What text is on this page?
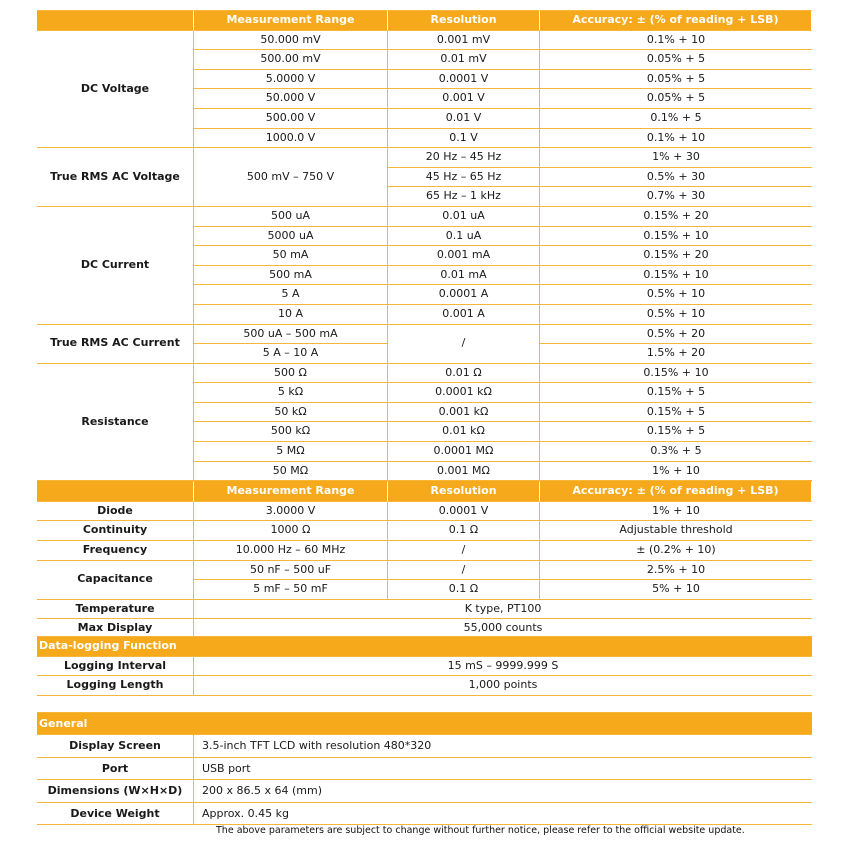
	Measurement Range	Resolution	Accuracy: ± (% of reading + LSB)
DC Voltage	50.000 mV	0.001 mV	0.1% + 10
	500.00 mV	0.01 mV	0.05% + 5
	5.0000 V	0.0001 V	0.05% + 5
	50.000 V	0.001 V	0.05% + 5
	500.00 V	0.01 V	0.1% + 5
	1000.0 V	0.1 V	0.1% + 10
True RMS AC Voltage	500 mV – 750 V	20 Hz – 45 Hz	1% + 30
		45 Hz – 65 Hz	0.5% + 30
		65 Hz – 1 kHz	0.7% + 30
DC Current	500 uA	0.01 uA	0.15% + 20
	5000 uA	0.1 uA	0.15% + 10
	50 mA	0.001 mA	0.15% + 20
	500 mA	0.01 mA	0.15% + 10
	5 A	0.0001 A	0.5% + 10
	10 A	0.001 A	0.5% + 10
True RMS AC Current	500 uA – 500 mA	/	0.5% + 20
	5 A – 10 A		1.5% + 20
Resistance	500 Ω	0.01 Ω	0.15% + 10
	5 kΩ	0.0001 kΩ	0.15% + 5
	50 kΩ	0.001 kΩ	0.15% + 5
	500 kΩ	0.01 kΩ	0.15% + 5
	5 MΩ	0.0001 MΩ	0.3% + 5
	50 MΩ	0.001 MΩ	1% + 10
	Measurement Range	Resolution	Accuracy: ± (% of reading + LSB)
Diode	3.0000 V	0.0001 V	1% + 10
Continuity	1000 Ω	0.1 Ω	Adjustable threshold
Frequency	10.000 Hz – 60 MHz	/	± (0.2% + 10)
Capacitance	50 nF – 500 uF	/	2.5% + 10
	5 mF – 50 mF	0.1 Ω	5% + 10
Temperature	K type, PT100		
Max Display	55,000 counts		
Data-logging Function	
Logging Interval	15 mS – 9999.999 S
Logging Length	1,000 points
General	
Display Screen	3.5-inch TFT LCD with resolution 480*320
Port	USB port
Dimensions (W×H×D)	200 x 86.5 x 64 (mm)
Device Weight	Approx. 0.45 kg
The above parameters are subject to change without further notice, please refer to the official website update.
